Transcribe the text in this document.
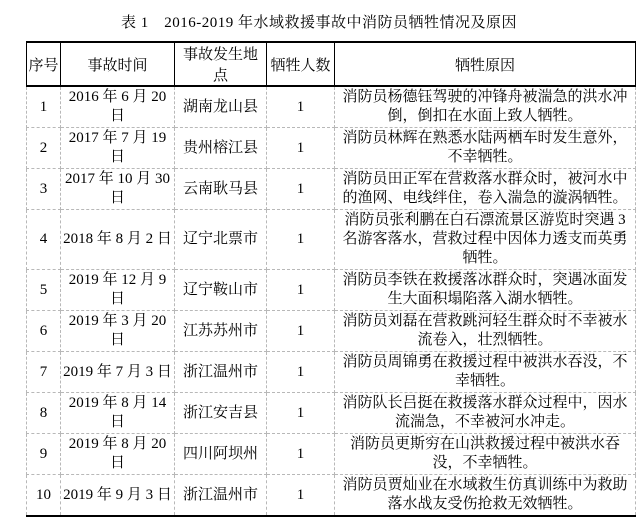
表 1　2016-2019 年水域救援事故中消防员牺牲情况及原因
序号	事故时间	事故发生地点	牺牲人数	牺牲原因
1	2016 年 6 月 20 日	湖南龙山县	1	消防员杨德钰驾驶的冲锋舟被湍急的洪水冲倒，倒扣在水面上致人牺牲。
2	2017 年 7 月 19 日	贵州榕江县	1	消防员林辉在熟悉水陆两栖车时发生意外，不幸牺牲。
3	2017 年 10 月 30 日	云南耿马县	1	消防员田正军在营救落水群众时，被河水中的渔网、电线绊住，卷入湍急的漩涡牺牲。
4	2018 年 8 月 2 日	辽宁北票市	1	消防员张利鹏在白石漂流景区游览时突遇 3 名游客落水，营救过程中因体力透支而英勇牺牲。
5	2019 年 12 月 9 日	辽宁鞍山市	1	消防员李铁在救援落冰群众时，突遇冰面发生大面积塌陷落入湖水牺牲。
6	2019 年 3 月 20 日	江苏苏州市	1	消防员刘磊在营救跳河轻生群众时不幸被水流卷入，壮烈牺牲。
7	2019 年 7 月 3 日	浙江温州市	1	消防员周锦勇在救援过程中被洪水吞没，不幸牺牲。
8	2019 年 8 月 14 日	浙江安吉县	1	消防队长吕挺在救援落水群众过程中，因水流湍急，不幸被河水冲走。
9	2019 年 8 月 20 日	四川阿坝州	1	消防员更斯穷在山洪救援过程中被洪水吞没，不幸牺牲。
10	2019 年 9 月 3 日	浙江温州市	1	消防员贾灿业在水域救生仿真训练中为救助落水战友受伤抢救无效牺牲。
